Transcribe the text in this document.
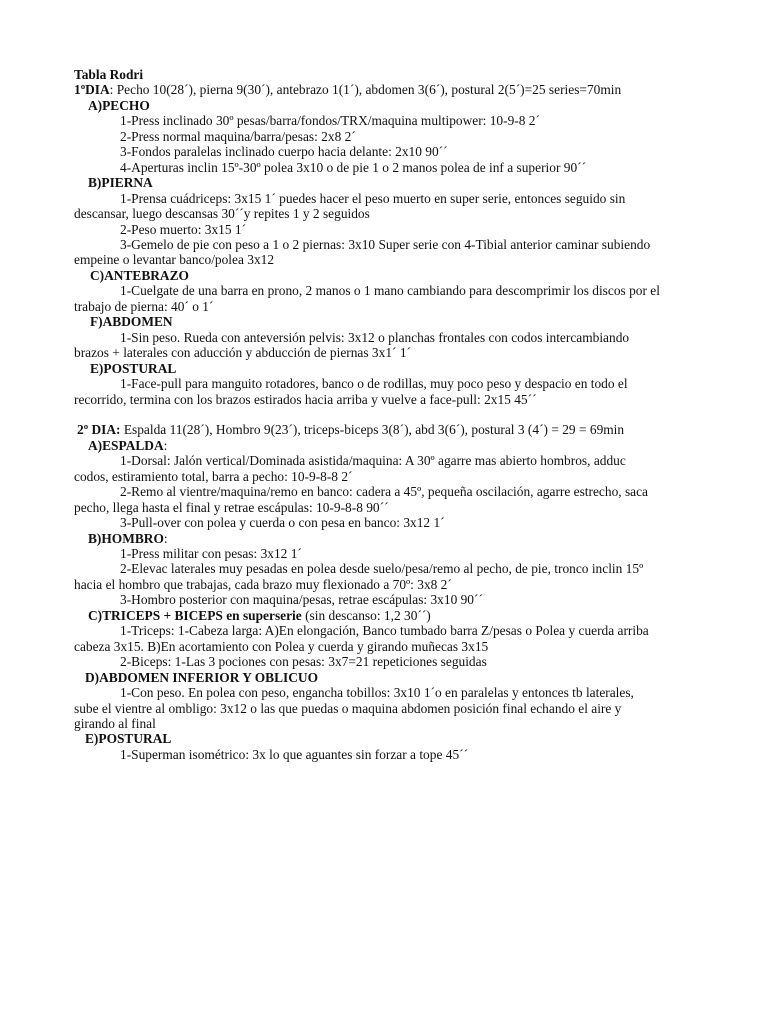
Tabla Rodri
1ºDIA: Pecho 10(28´), pierna 9(30´), antebrazo 1(1´), abdomen 3(6´), postural 2(5´)=25 series=70min
A)PECHO
1-Press inclinado 30º pesas/barra/fondos/TRX/maquina multipower: 10-9-8 2´
2-Press normal maquina/barra/pesas: 2x8 2´
3-Fondos paralelas inclinado cuerpo hacia delante: 2x10 90´´
4-Aperturas inclin 15º-30º polea 3x10 o de pie 1 o 2 manos polea de inf a superior 90´´
B)PIERNA
1-Prensa cuádriceps: 3x15 1´ puedes hacer el peso muerto en super serie, entonces seguido sin
descansar, luego descansas 30´´y repites 1 y 2 seguidos
2-Peso muerto: 3x15 1´
3-Gemelo de pie con peso a 1 o 2 piernas: 3x10 Super serie con 4-Tibial anterior caminar subiendo
empeine o levantar banco/polea 3x12
C)ANTEBRAZO
1-Cuelgate de una barra en prono, 2 manos o 1 mano cambiando para descomprimir los discos por el
trabajo de pierna: 40´ o 1´
F)ABDOMEN
1-Sin peso. Rueda con anteversión pelvis: 3x12 o planchas frontales con codos intercambiando
brazos + laterales con aducción y abducción de piernas 3x1´ 1´
E)POSTURAL
1-Face-pull para manguito rotadores, banco o de rodillas, muy poco peso y despacio en todo el
recorrido, termina con los brazos estirados hacia arriba y vuelve a face-pull: 2x15 45´´
2º DIA: Espalda 11(28´), Hombro 9(23´), triceps-biceps 3(8´), abd 3(6´), postural 3 (4´) = 29 = 69min
A)ESPALDA:
1-Dorsal: Jalón vertical/Dominada asistida/maquina: A 30º agarre mas abierto hombros, adduc
codos, estiramiento total, barra a pecho: 10-9-8-8 2´
2-Remo al vientre/maquina/remo en banco: cadera a 45º, pequeña oscilación, agarre estrecho, saca
pecho, llega hasta el final y retrae escápulas: 10-9-8-8 90´´
3-Pull-over con polea y cuerda o con pesa en banco: 3x12 1´
B)HOMBRO:
1-Press militar con pesas: 3x12 1´
2-Elevac laterales muy pesadas en polea desde suelo/pesa/remo al pecho, de pie, tronco inclin 15º
hacia el hombro que trabajas, cada brazo muy flexionado a 70º: 3x8 2´
3-Hombro posterior con maquina/pesas, retrae escápulas: 3x10 90´´
C)TRICEPS + BICEPS en superserie (sin descanso: 1,2 30´´)
1-Triceps: 1-Cabeza larga: A)En elongación, Banco tumbado barra Z/pesas o Polea y cuerda arriba
cabeza 3x15. B)En acortamiento con Polea y cuerda y girando muñecas 3x15
2-Biceps: 1-Las 3 pociones con pesas: 3x7=21 repeticiones seguidas
D)ABDOMEN INFERIOR Y OBLICUO
1-Con peso. En polea con peso, engancha tobillos: 3x10 1´o en paralelas y entonces tb laterales,
sube el vientre al ombligo: 3x12 o las que puedas o maquina abdomen posición final echando el aire y
girando al final
E)POSTURAL
1-Superman isométrico: 3x lo que aguantes sin forzar a tope 45´´
